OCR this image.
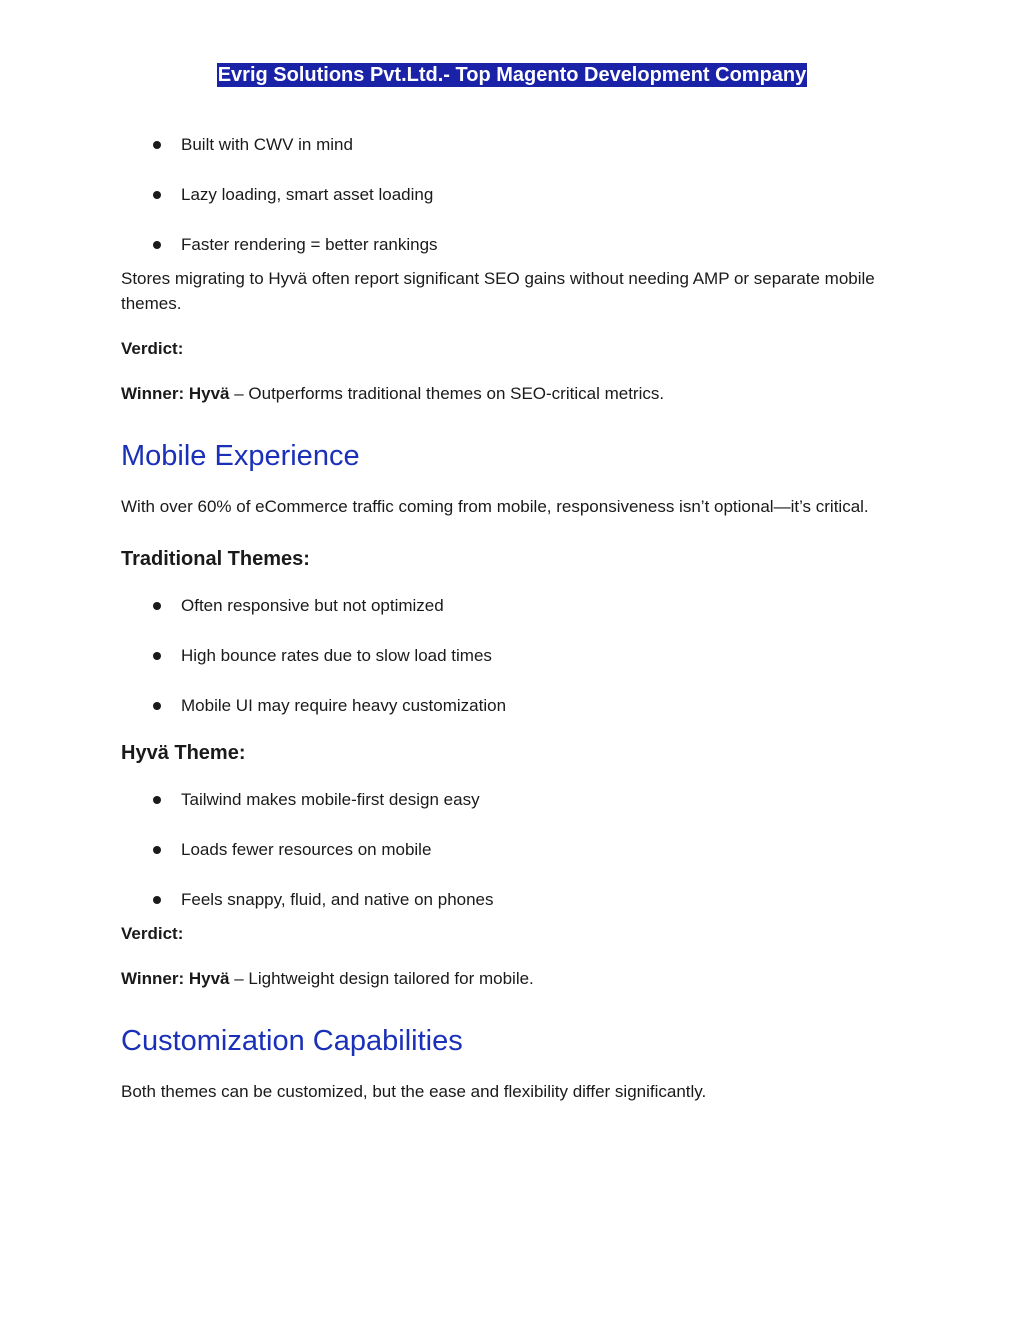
Evrig Solutions Pvt.Ltd.- Top Magento Development Company
Built with CWV in mind
Lazy loading, smart asset loading
Faster rendering = better rankings

Stores migrating to Hyvä often report significant SEO gains without needing AMP or separate mobile themes.

Verdict:

Winner: Hyvä – Outperforms traditional themes on SEO-critical metrics.

Mobile Experience

With over 60% of eCommerce traffic coming from mobile, responsiveness isn’t optional—it’s critical.

Traditional Themes:
Often responsive but not optimized
High bounce rates due to slow load times
Mobile UI may require heavy customization
Hyvä Theme:
Tailwind makes mobile-first design easy
Loads fewer resources on mobile
Feels snappy, fluid, and native on phones

Verdict:

Winner: Hyvä – Lightweight design tailored for mobile.

Customization Capabilities

Both themes can be customized, but the ease and flexibility differ significantly.
